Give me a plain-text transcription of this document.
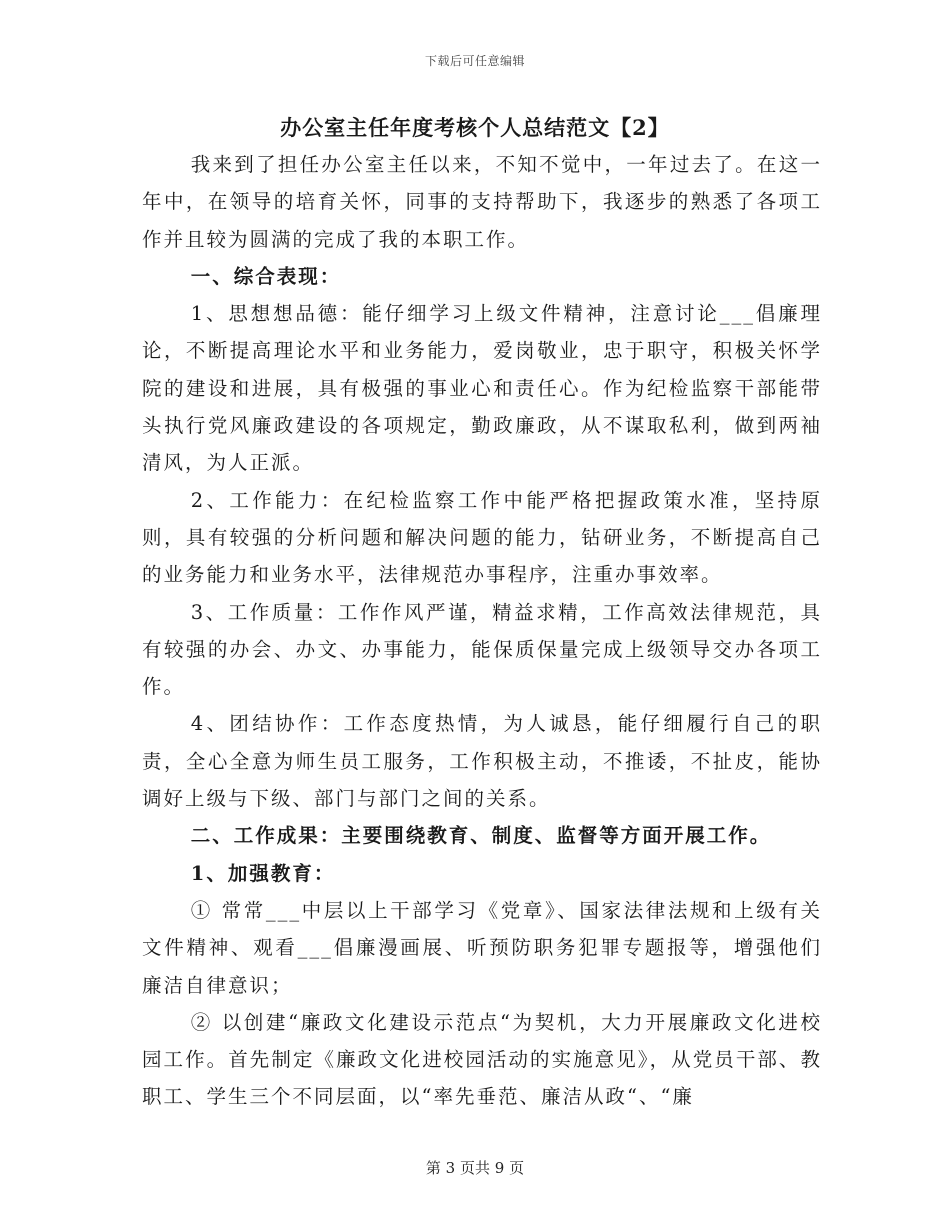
下载后可任意编辑
办公室主任年度考核个人总结范文【2】

我来到了担任办公室主任以来，不知不觉中，一年过去了。在这一年中，在领导的培育关怀，同事的支持帮助下，我逐步的熟悉了各项工作并且较为圆满的完成了我的本职工作。

一、综合表现：

1、思想想品德：能仔细学习上级文件精神，注意讨论___倡廉理论，不断提高理论水平和业务能力，爱岗敬业，忠于职守，积极关怀学院的建设和进展，具有极强的事业心和责任心。作为纪检监察干部能带头执行党风廉政建设的各项规定，勤政廉政，从不谋取私利，做到两袖清风，为人正派。

2、工作能力：在纪检监察工作中能严格把握政策水准，坚持原则，具有较强的分析问题和解决问题的能力，钻研业务，不断提高自己的业务能力和业务水平，法律规范办事程序，注重办事效率。

3、工作质量：工作作风严谨，精益求精，工作高效法律规范，具有较强的办会、办文、办事能力，能保质保量完成上级领导交办各项工作。

4、团结协作：工作态度热情，为人诚恳，能仔细履行自己的职责，全心全意为师生员工服务，工作积极主动，不推诿，不扯皮，能协调好上级与下级、部门与部门之间的关系。

二、工作成果：主要围绕教育、制度、监督等方面开展工作。

1、加强教育：

① 常常___中层以上干部学习《党章》、国家法律法规和上级有关文件精神、观看___倡廉漫画展、听预防职务犯罪专题报等，增强他们廉洁自律意识；

② 以创建“廉政文化建设示范点“为契机，大力开展廉政文化进校园工作。首先制定《廉政文化进校园活动的实施意见》，从党员干部、教职工、学生三个不同层面，以“率先垂范、廉洁从政“、“廉

第 3 页共 9 页
